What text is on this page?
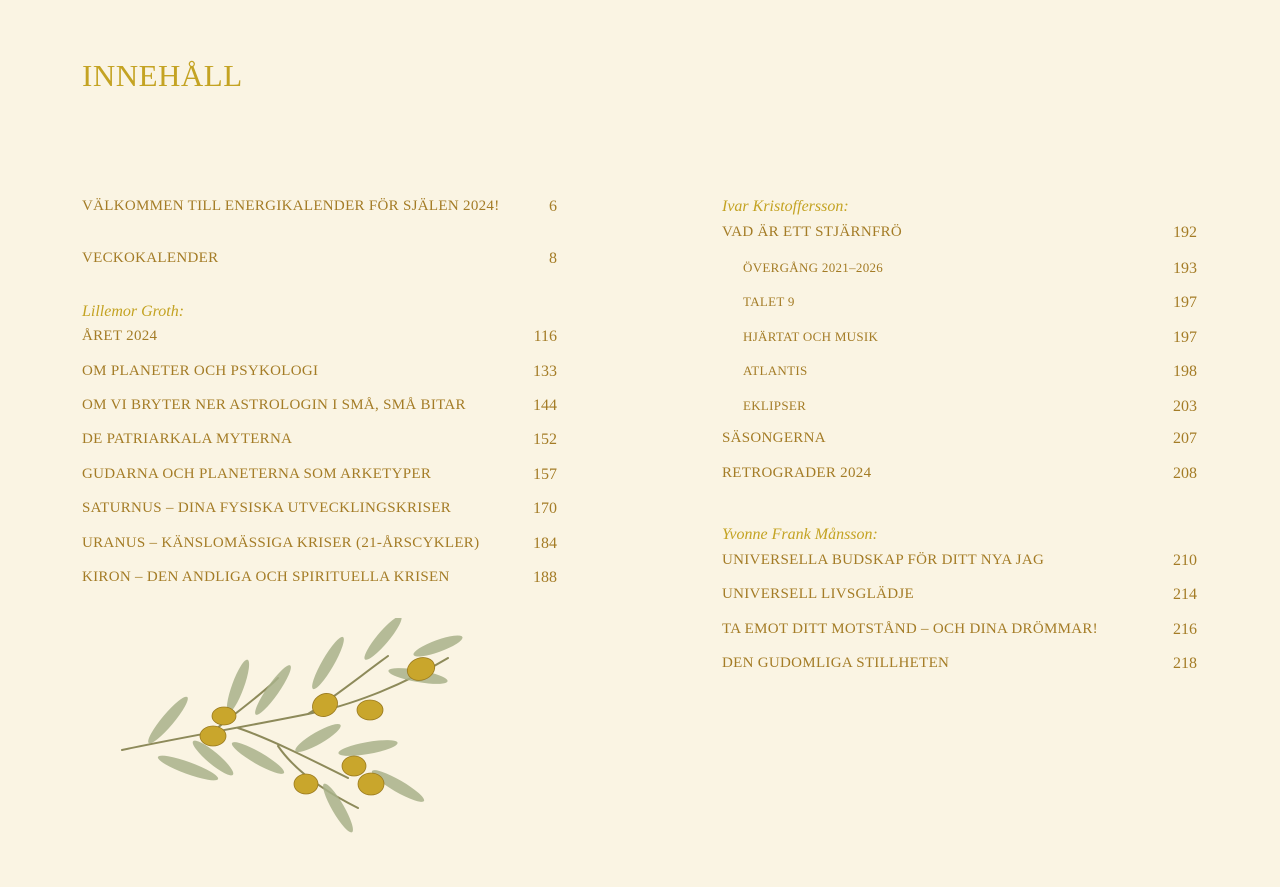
INNEHÅLL
VÄLKOMMEN TILL ENERGIKALENDER FÖR SJÄLEN 2024!	6
VECKOKALENDER	8
Lillemor Groth:
ÅRET 2024	116
OM PLANETER OCH PSYKOLOGI	133
OM VI BRYTER NER ASTROLOGIN I SMÅ, SMÅ BITAR	144
DE PATRIARKALA MYTERNA	152
GUDARNA OCH PLANETERNA SOM ARKETYPER	157
SATURNUS – DINA FYSISKA UTVECKLINGSKRISER	170
URANUS – KÄNSLOMÄSSIGA KRISER (21-ÅRSCYKLER)	184
KIRON – DEN ANDLIGA OCH SPIRITUELLA KRISEN	188
Ivar Kristoffersson:
VAD ÄR ETT STJÄRNFRÖ	192
ÖVERGÅNG 2021–2026	193
TALET 9	197
HJÄRTAT OCH MUSIK	197
ATLANTIS	198
EKLIPSER	203
SÄSONGERNA	207
RETROGRADER 2024	208
Yvonne Frank Månsson:
UNIVERSELLA BUDSKAP FÖR DITT NYA JAG	210
UNIVERSELL LIVSGLÄDJE	214
TA EMOT DITT MOTSTÅND – OCH DINA DRÖMMAR!	216
DEN GUDOMLIGA STILLHETEN	218
